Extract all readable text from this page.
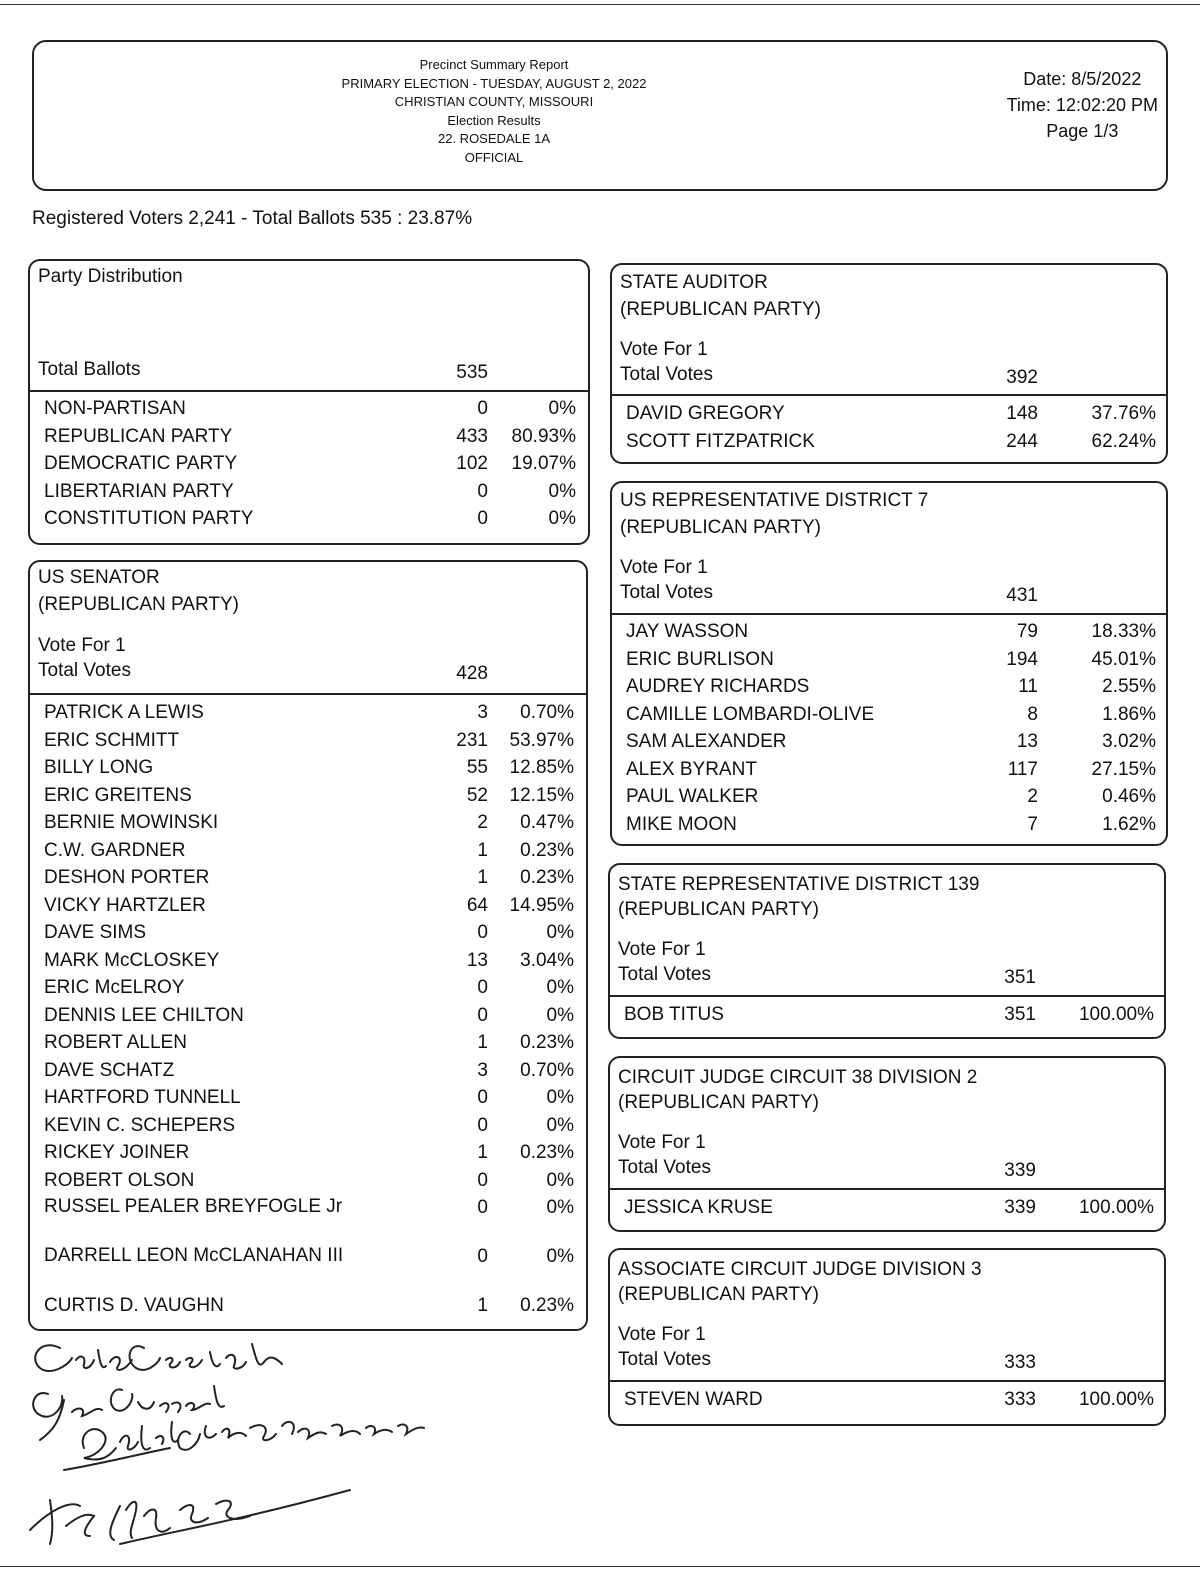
Precinct Summary Report
PRIMARY ELECTION - TUESDAY, AUGUST 2, 2022
CHRISTIAN COUNTY, MISSOURI
Election Results
22. ROSEDALE 1A
OFFICIAL
Date: 8/5/2022
Time: 12:02:20 PM
Page 1/3
Registered Voters 2,241 - Total Ballots 535 : 23.87%
Party Distribution
Total Ballots	535
NON-PARTISAN	0	0%
REPUBLICAN PARTY	433	80.93%
DEMOCRATIC PARTY	102	19.07%
LIBERTARIAN PARTY	0	0%
CONSTITUTION PARTY	0	0%
US SENATOR
(REPUBLICAN PARTY)
Vote For 1
Total Votes	428
PATRICK A LEWIS	3	0.70%
ERIC SCHMITT	231	53.97%
BILLY LONG	55	12.85%
ERIC GREITENS	52	12.15%
BERNIE MOWINSKI	2	0.47%
C.W. GARDNER	1	0.23%
DESHON PORTER	1	0.23%
VICKY HARTZLER	64	14.95%
DAVE SIMS	0	0%
MARK McCLOSKEY	13	3.04%
ERIC McELROY	0	0%
DENNIS LEE CHILTON	0	0%
ROBERT ALLEN	1	0.23%
DAVE SCHATZ	3	0.70%
HARTFORD TUNNELL	0	0%
KEVIN C. SCHEPERS	0	0%
RICKEY JOINER	1	0.23%
ROBERT OLSON	0	0%
RUSSEL PEALER BREYFOGLE Jr	0	0%
DARRELL LEON McCLANAHAN III	0	0%
CURTIS D. VAUGHN	1	0.23%
STATE AUDITOR
(REPUBLICAN PARTY)
Vote For 1
Total Votes	392
DAVID GREGORY	148	37.76%
SCOTT FITZPATRICK	244	62.24%
US REPRESENTATIVE DISTRICT 7
(REPUBLICAN PARTY)
Vote For 1
Total Votes	431
JAY WASSON	79	18.33%
ERIC BURLISON	194	45.01%
AUDREY RICHARDS	11	2.55%
CAMILLE LOMBARDI-OLIVE	8	1.86%
SAM ALEXANDER	13	3.02%
ALEX BYRANT	117	27.15%
PAUL WALKER	2	0.46%
MIKE MOON	7	1.62%
STATE REPRESENTATIVE DISTRICT 139
(REPUBLICAN PARTY)
Vote For 1
Total Votes	351
BOB TITUS	351	100.00%
CIRCUIT JUDGE CIRCUIT 38 DIVISION 2
(REPUBLICAN PARTY)
Vote For 1
Total Votes	339
JESSICA KRUSE	339	100.00%
ASSOCIATE CIRCUIT JUDGE DIVISION 3
(REPUBLICAN PARTY)
Vote For 1
Total Votes	333
STEVEN WARD	333	100.00%
